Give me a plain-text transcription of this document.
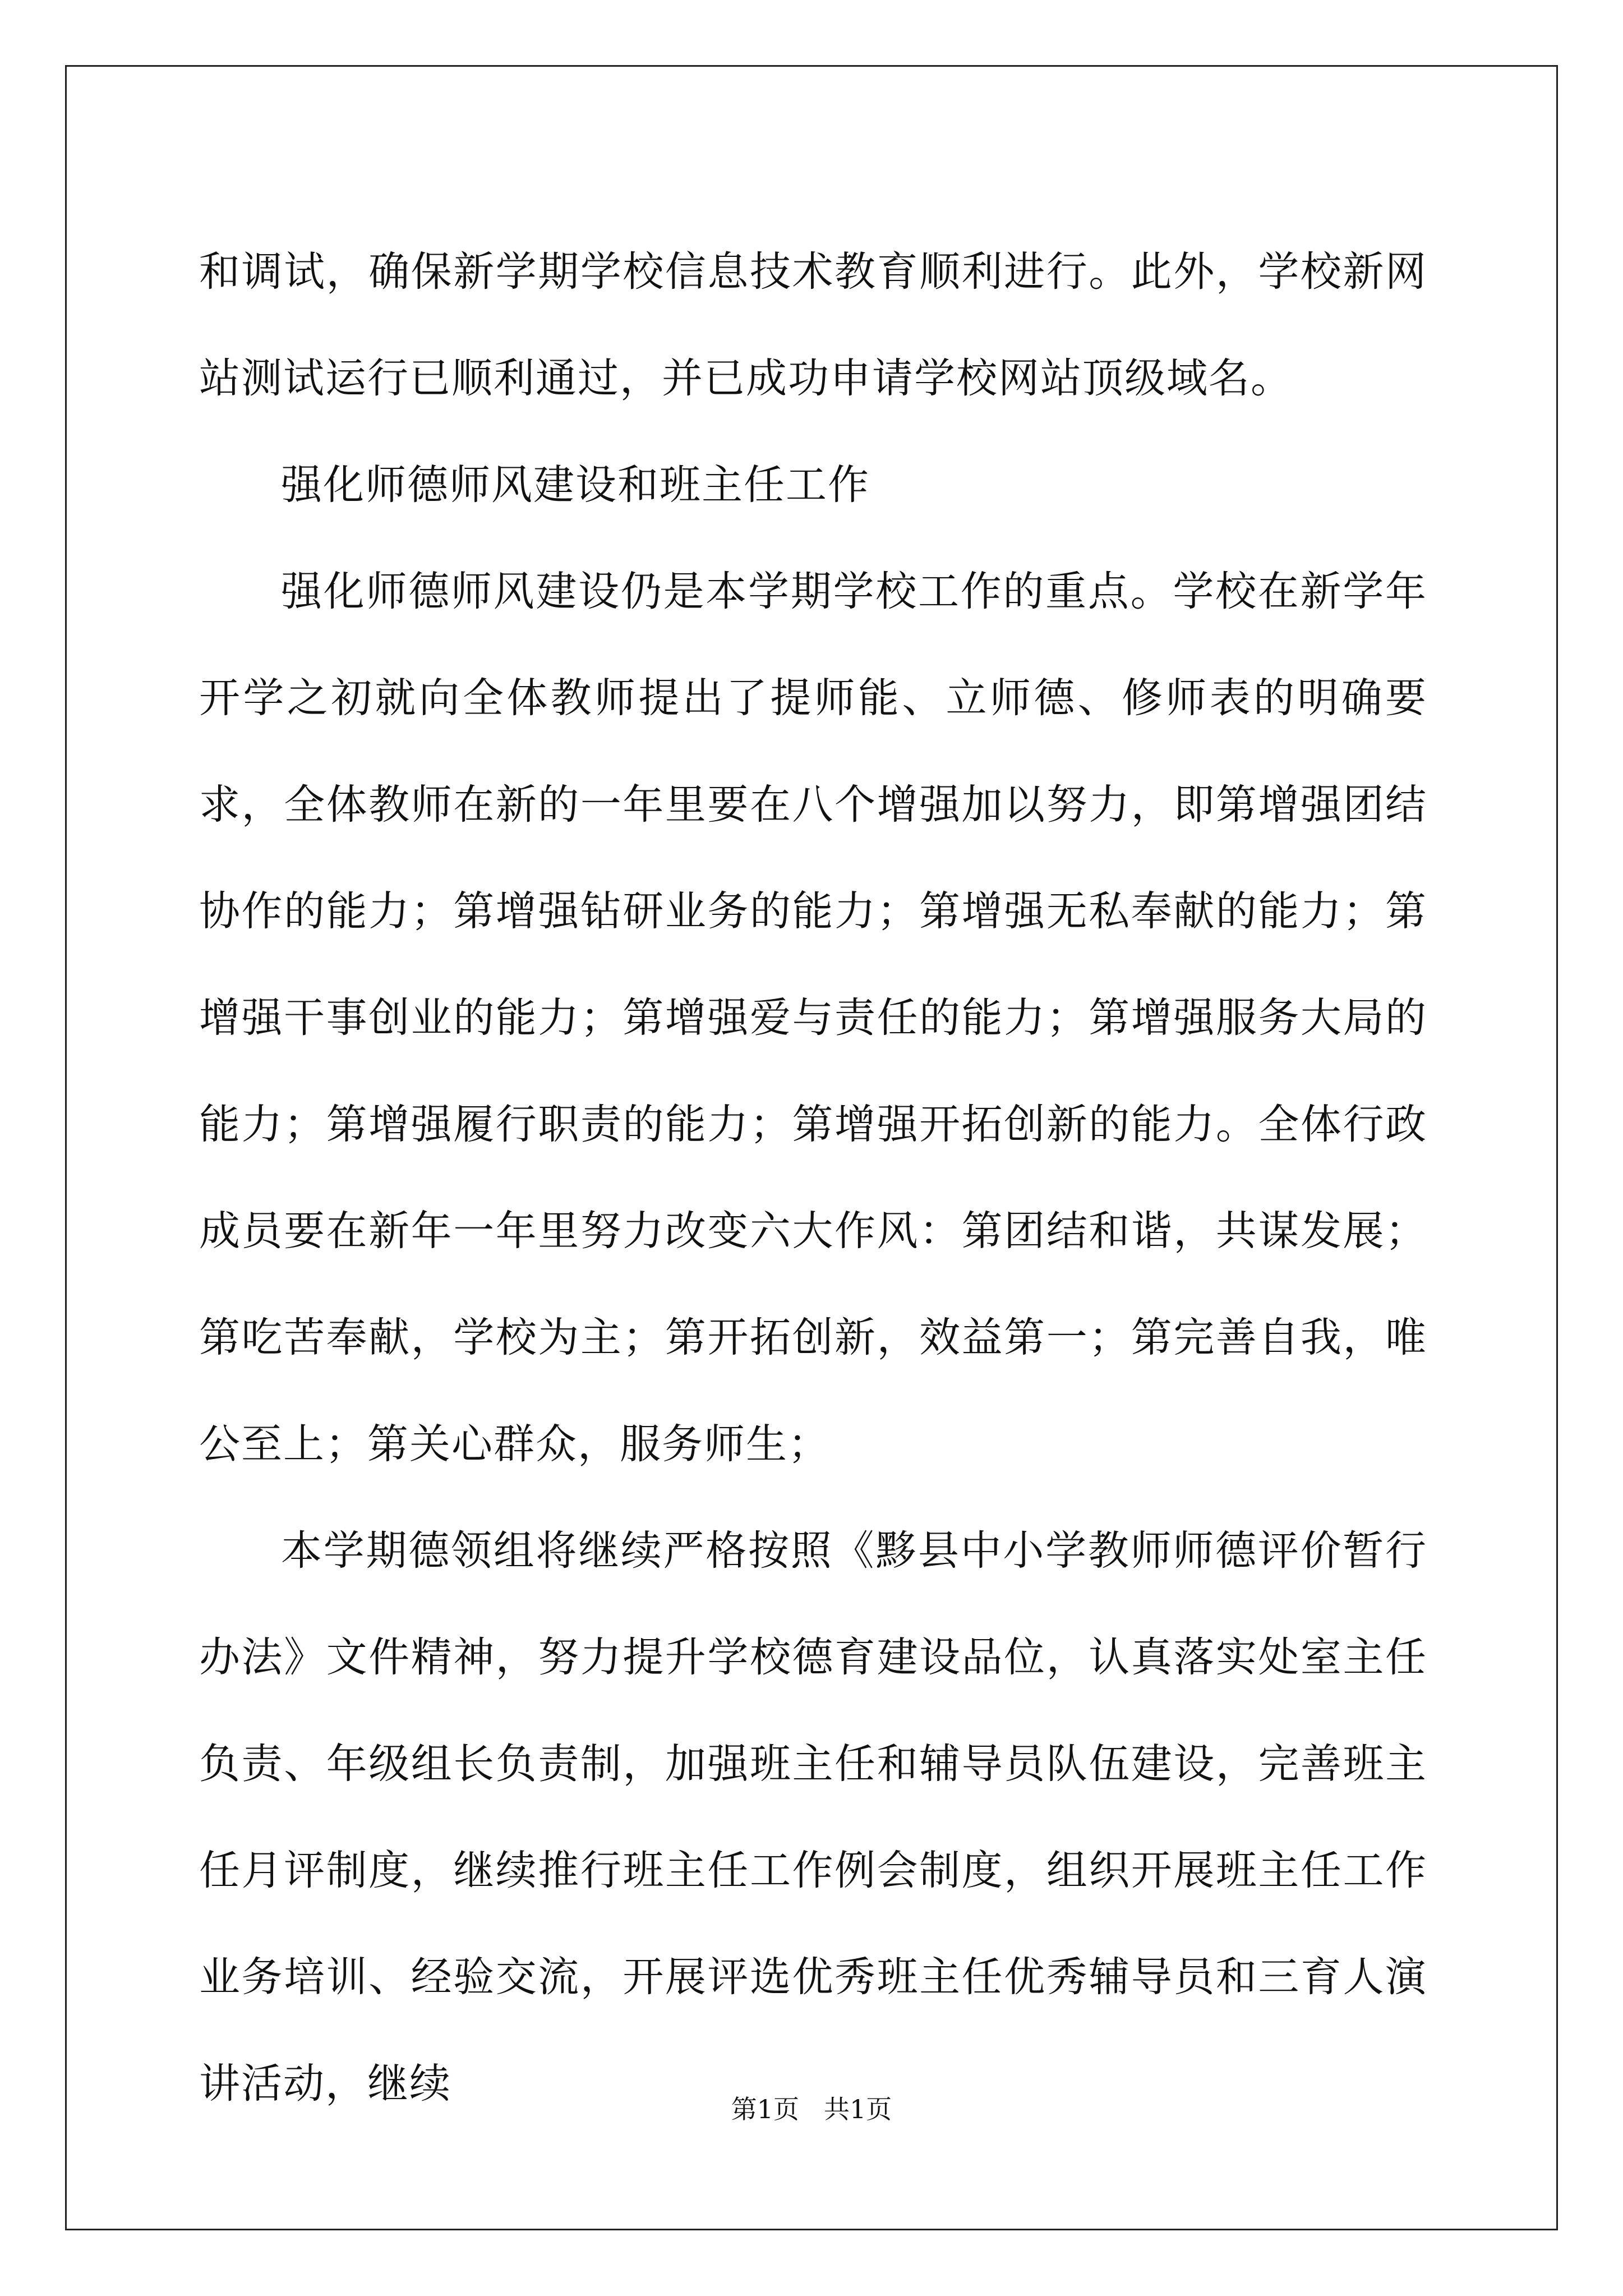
和调试，确保新学期学校信息技术教育顺利进行。此外，学校新网站测试运行已顺利通过，并已成功申请学校网站顶级域名。

强化师德师风建设和班主任工作

强化师德师风建设仍是本学期学校工作的重点。学校在新学年开学之初就向全体教师提出了提师能、立师德、修师表的明确要求，全体教师在新的一年里要在八个增强加以努力，即第增强团结协作的能力；第增强钻研业务的能力；第增强无私奉献的能力；第增强干事创业的能力；第增强爱与责任的能力；第增强服务大局的能力；第增强履行职责的能力；第增强开拓创新的能力。全体行政成员要在新年一年里努力改变六大作风：第团结和谐，共谋发展；第吃苦奉献，学校为主；第开拓创新，效益第一；第完善自我，唯公至上；第关心群众，服务师生；

本学期德领组将继续严格按照《黟县中小学教师师德评价暂行办法》文件精神，努力提升学校德育建设品位，认真落实处室主任负责、年级组长负责制，加强班主任和辅导员队伍建设，完善班主任月评制度，继续推行班主任工作例会制度，组织开展班主任工作业务培训、经验交流，开展评选优秀班主任优秀辅导员和三育人演讲活动，继续

第1页 共1页
